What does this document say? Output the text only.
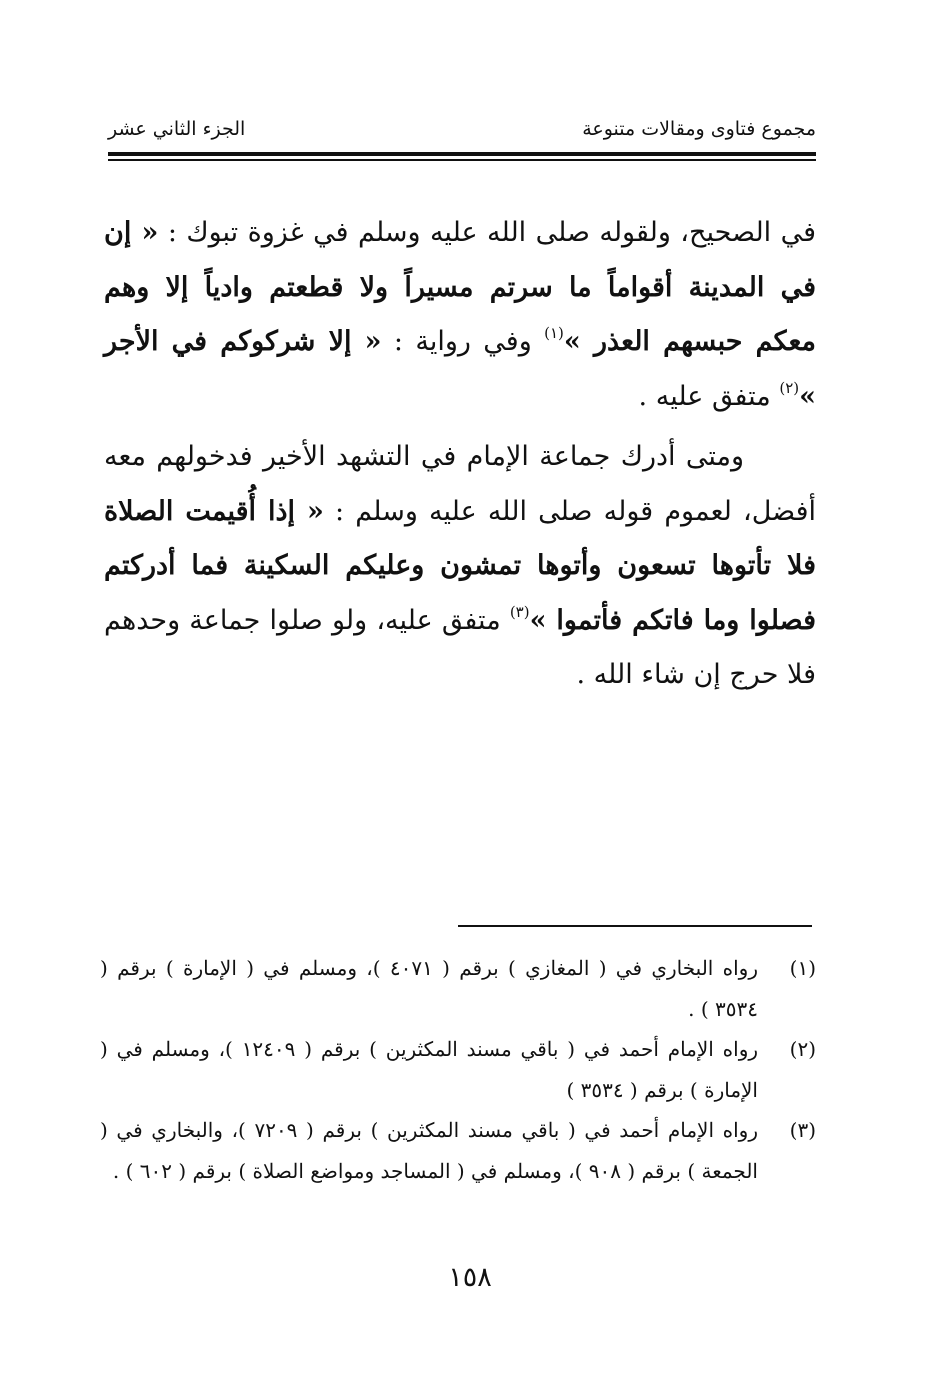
مجموع فتاوى ومقالات متنوعة
الجزء الثاني عشر

في الصحيح، ولقوله صلى الله عليه وسلم في غزوة تبوك : « إن في المدينة أقواماً ما سرتم مسيراً ولا قطعتم وادياً إلا وهم معكم حبسهم العذر »$^{(١)}$ وفي رواية : « إلا شركوكم في الأجر »$^{(٢)}$ متفق عليه .

ومتى أدرك جماعة الإمام في التشهد الأخير فدخولهم معه أفضل، لعموم قوله صلى الله عليه وسلم : « إذا أُقيمت الصلاة فلا تأتوها تسعون وأتوها تمشون وعليكم السكينة فما أدركتم فصلوا وما فاتكم فأتموا »$^{(٣)}$ متفق عليه، ولو صلوا جماعة وحدهم فلا حرج إن شاء الله .

(١)
رواه البخاري في ( المغازي ) برقم ( ٤٠٧١ )، ومسلم في ( الإمارة ) برقم ( ٣٥٣٤ ) .
(٢)
رواه الإمام أحمد في ( باقي مسند المكثرين ) برقم ( ١٢٤٠٩ )، ومسلم في ( الإمارة ) برقم ( ٣٥٣٤ )
(٣)
رواه الإمام أحمد في ( باقي مسند المكثرين ) برقم ( ٧٢٠٩ )، والبخاري في ( الجمعة ) برقم ( ٩٠٨ )، ومسلم في ( المساجد ومواضع الصلاة ) برقم ( ٦٠٢ ) .
١٥٨
